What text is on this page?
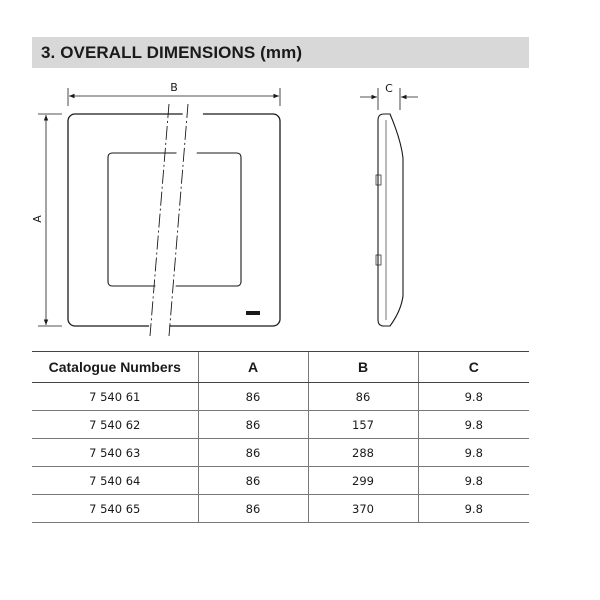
3. OVERALL DIMENSIONS (mm)
B
A
C
Catalogue Numbers	A	B	C
7 540 61	86	86	9.8
7 540 62	86	157	9.8
7 540 63	86	288	9.8
7 540 64	86	299	9.8
7 540 65	86	370	9.8
